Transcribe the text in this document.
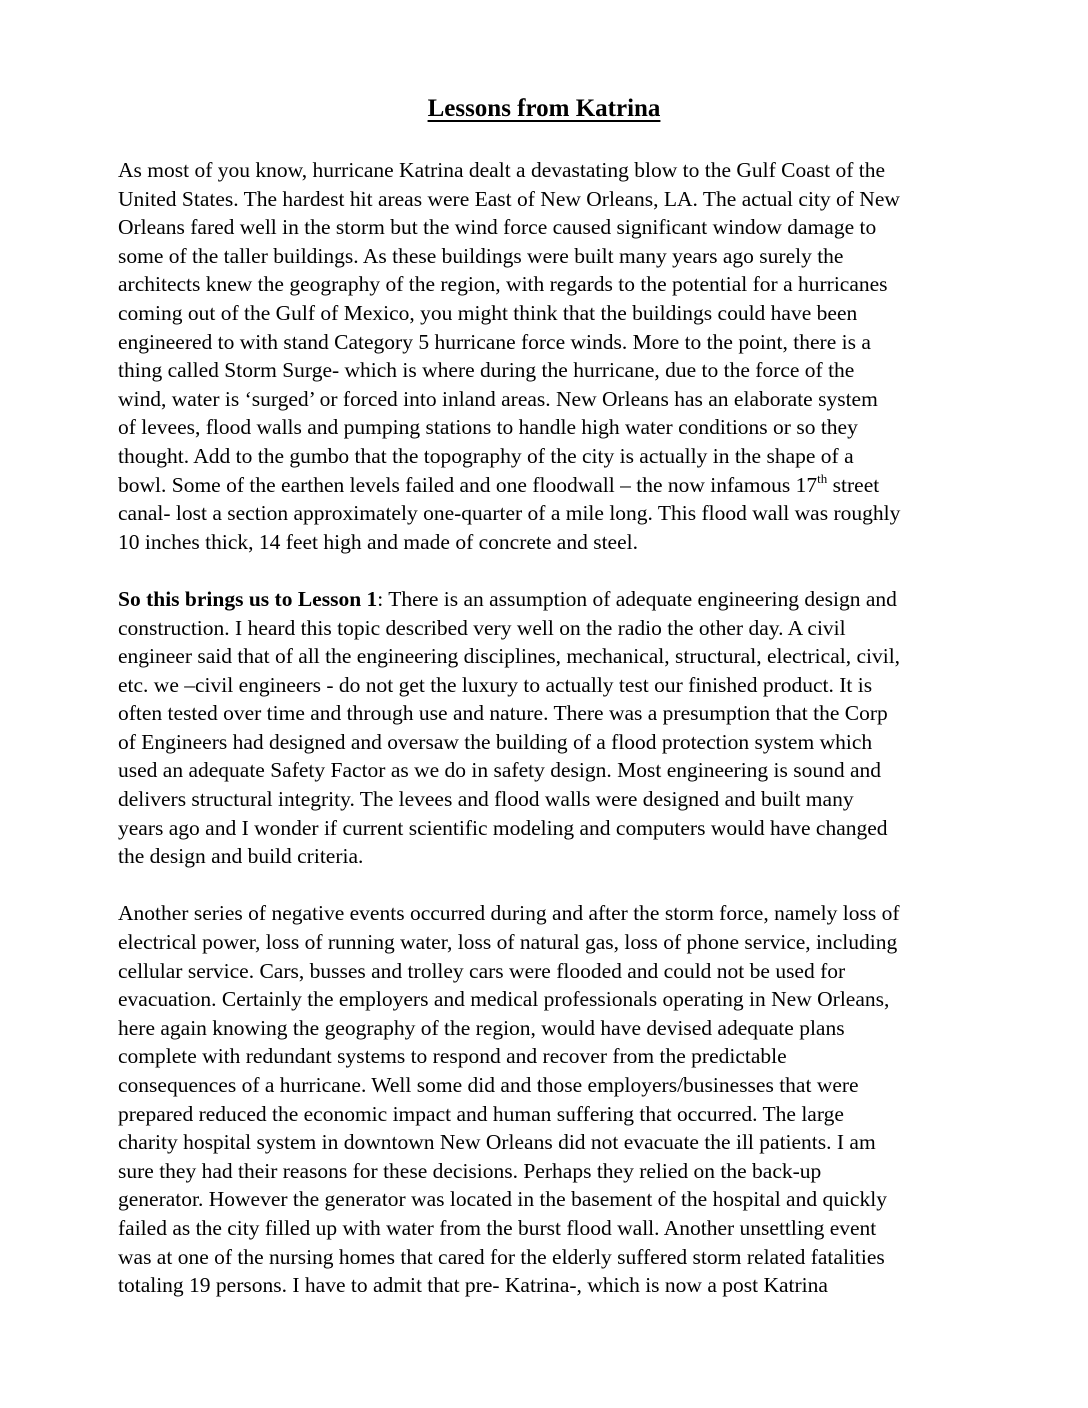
Lessons from Katrina
As most of you know, hurricane Katrina dealt a devastating blow to the Gulf Coast of the
United States. The hardest hit areas were East of New Orleans, LA. The actual city of New
Orleans fared well in the storm but the wind force caused significant window damage to
some of the taller buildings. As these buildings were built many years ago surely the
architects knew the geography of the region, with regards to the potential for a hurricanes
coming out of the Gulf of Mexico, you might think that the buildings could have been
engineered to with stand Category 5 hurricane force winds. More to the point, there is a
thing called Storm Surge- which is where during the hurricane, due to the force of the
wind, water is ‘surged’ or forced into inland areas. New Orleans has an elaborate system
of levees, flood walls and pumping stations to handle high water conditions or so they
thought. Add to the gumbo that the topography of the city is actually in the shape of a
bowl. Some of the earthen levels failed and one floodwall – the now infamous 17th street
canal- lost a section approximately one-quarter of a mile long. This flood wall was roughly
10 inches thick, 14 feet high and made of concrete and steel.
So this brings us to Lesson 1: There is an assumption of adequate engineering design and
construction. I heard this topic described very well on the radio the other day. A civil
engineer said that of all the engineering disciplines, mechanical, structural, electrical, civil,
etc. we –civil engineers - do not get the luxury to actually test our finished product. It is
often tested over time and through use and nature. There was a presumption that the Corp
of Engineers had designed and oversaw the building of a flood protection system which
used an adequate Safety Factor as we do in safety design. Most engineering is sound and
delivers structural integrity. The levees and flood walls were designed and built many
years ago and I wonder if current scientific modeling and computers would have changed
the design and build criteria.
Another series of negative events occurred during and after the storm force, namely loss of
electrical power, loss of running water, loss of natural gas, loss of phone service, including
cellular service. Cars, busses and trolley cars were flooded and could not be used for
evacuation. Certainly the employers and medical professionals operating in New Orleans,
here again knowing the geography of the region, would have devised adequate plans
complete with redundant systems to respond and recover from the predictable
consequences of a hurricane. Well some did and those employers/businesses that were
prepared reduced the economic impact and human suffering that occurred. The large
charity hospital system in downtown New Orleans did not evacuate the ill patients. I am
sure they had their reasons for these decisions. Perhaps they relied on the back-up
generator. However the generator was located in the basement of the hospital and quickly
failed as the city filled up with water from the burst flood wall. Another unsettling event
was at one of the nursing homes that cared for the elderly suffered storm related fatalities
totaling 19 persons. I have to admit that pre- Katrina-, which is now a post Katrina
